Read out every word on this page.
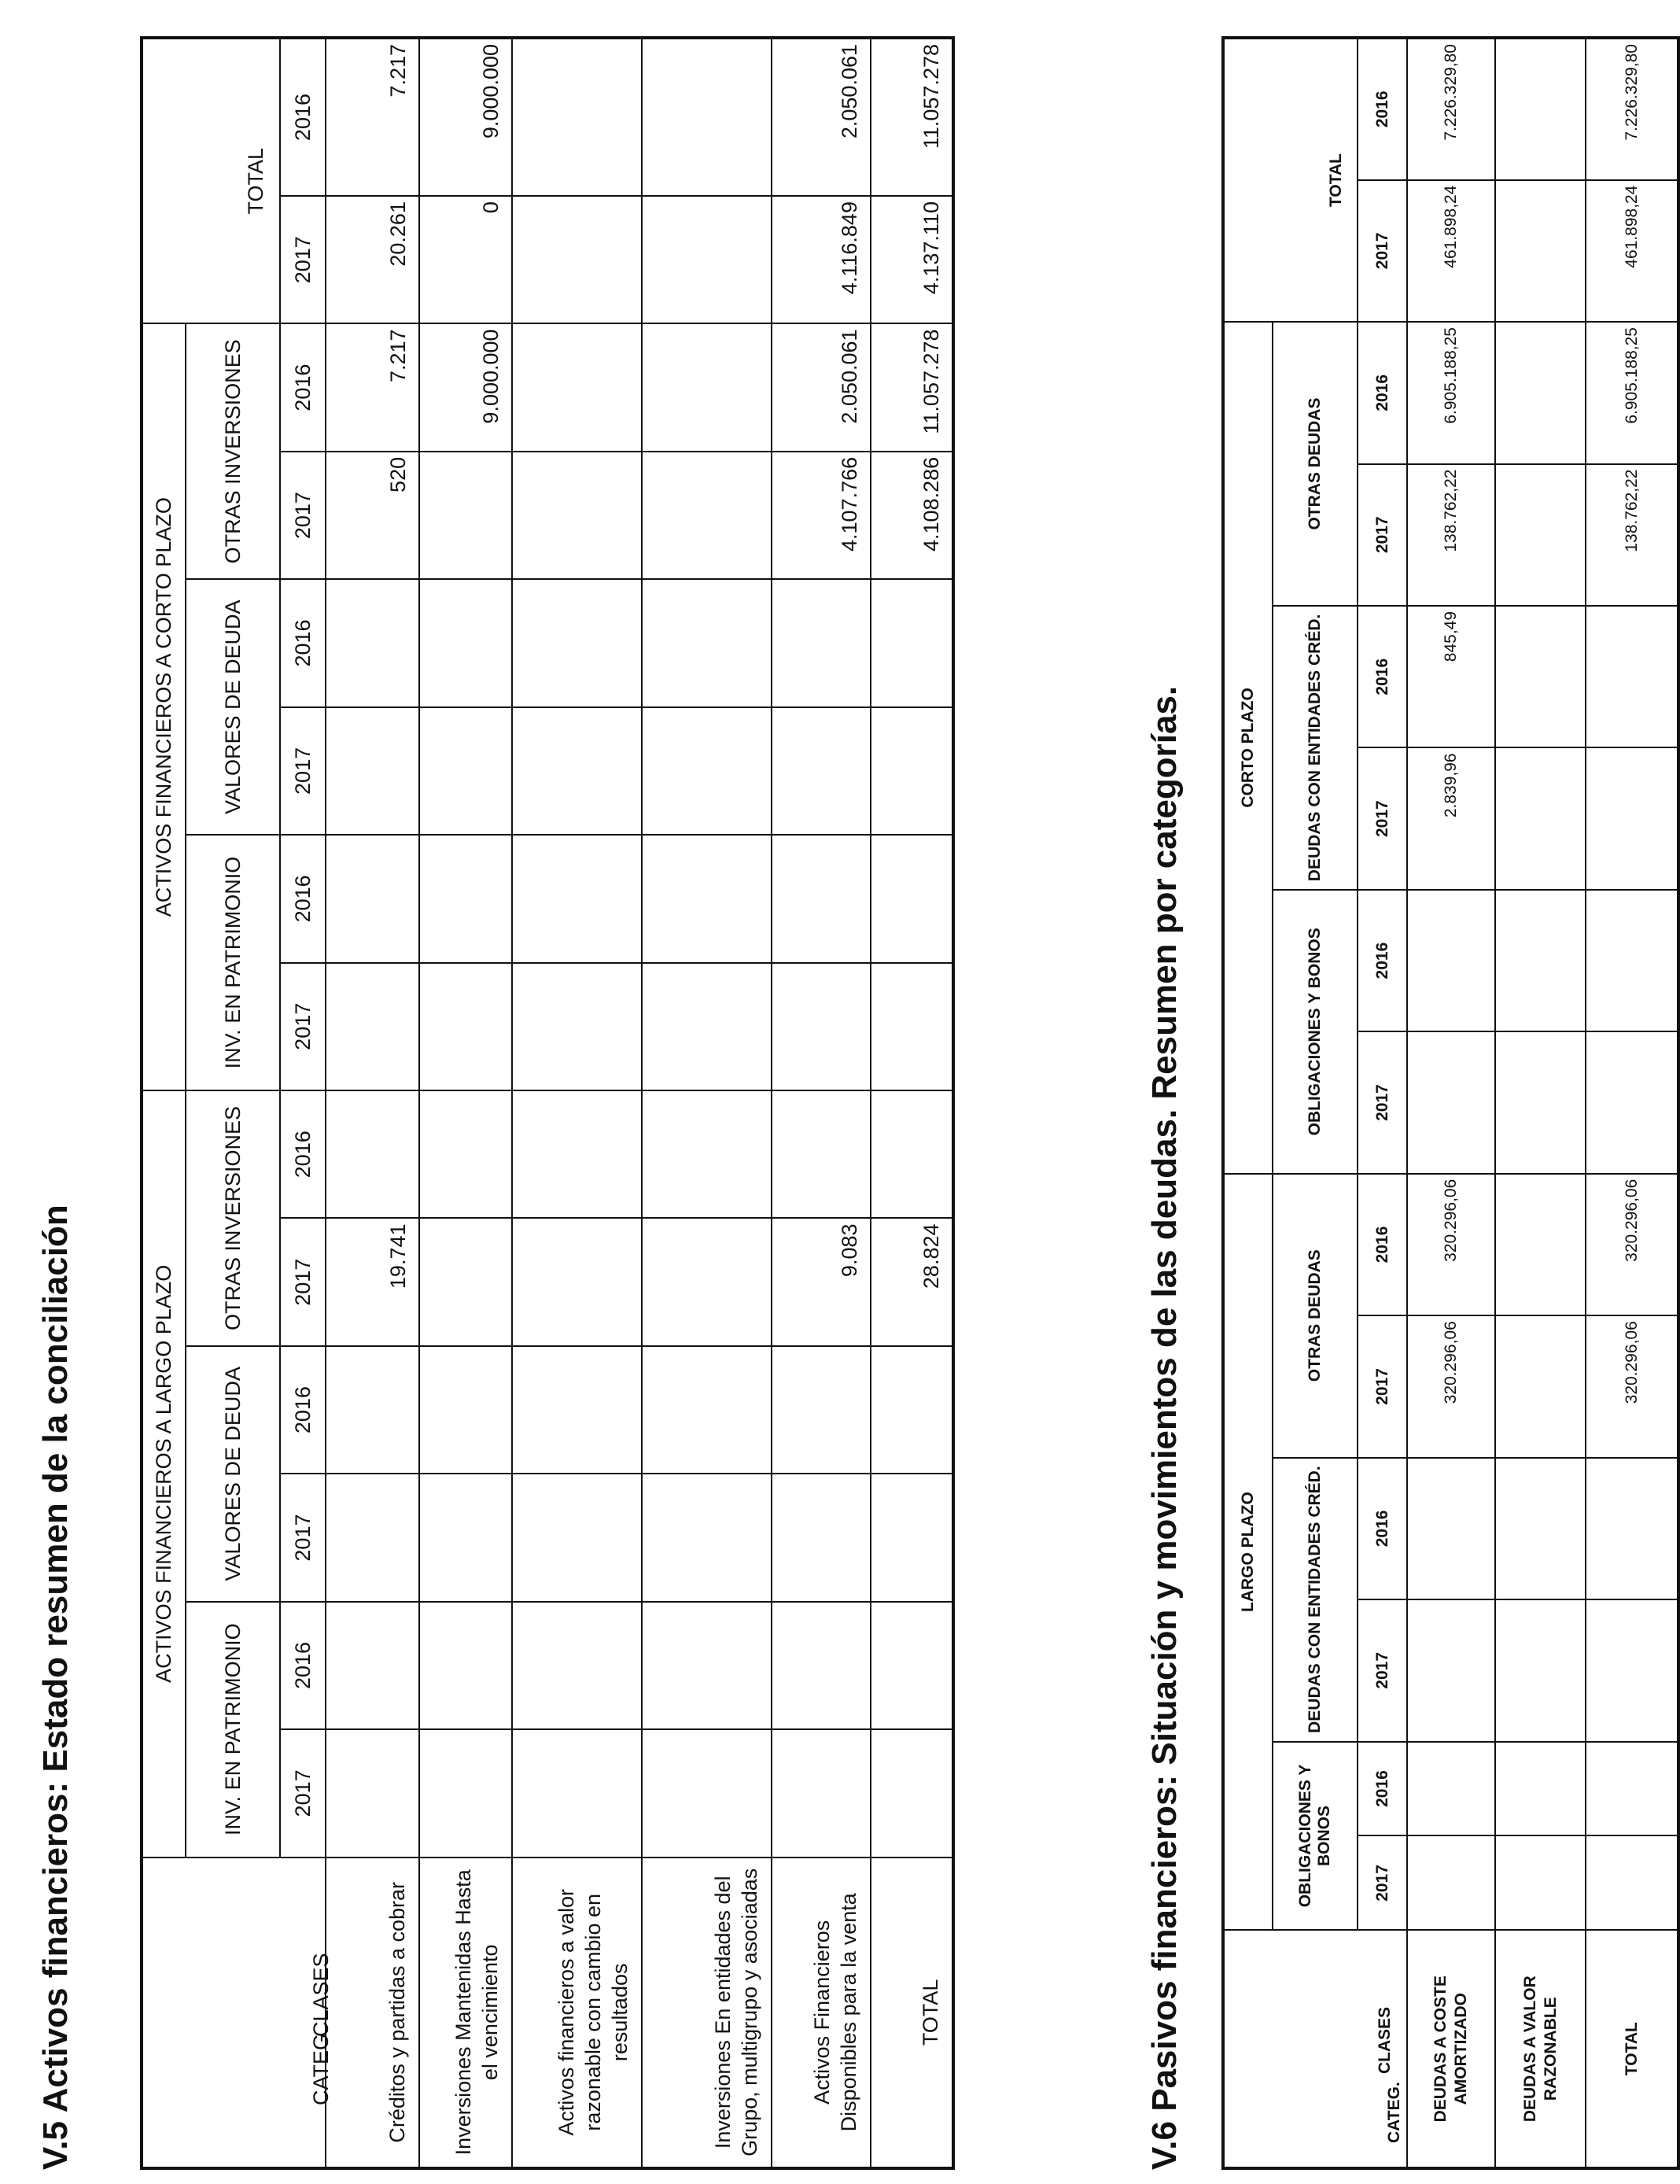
V.5 Activos financieros: Estado resumen de la conciliación	CATEG.
CLASES	ACTIVOS FINANCIEROS A LARGO PLAZO						ACTIVOS FINANCIEROS A CORTO PLAZO						TOTAL	
	INV. EN PATRIMONIO		VALORES DE DEUDA		OTRAS INVERSIONES		INV. EN PATRIMONIO		VALORES DE DEUDA		OTRAS INVERSIONES			
	2017	2016	2017	2016	2017	2016	2017	2016	2017	2016	2017	2016	2017	2016
Créditos y partidas a cobrar					19.741						520	7.217	20.261	7.217
Inversiones Mantenidas Hasta el vencimiento												9.000.000	0	9.000.000
Activos financieros a valor razonable con cambio en resultados														
Inversiones En entidades del Grupo, multigrupo y asociadas														
Activos Financieros Disponibles para la venta					9.083						4.107.766	2.050.061	4.116.849	2.050.061
TOTAL					28.824						4.108.286	11.057.278	4.137.110	11.057.278
V.6 Pasivos financieros: Situación y movimientos de las deudas. Resumen por categorías.	CATEG.
CLASES	LARGO PLAZO						CORTO PLAZO						TOTAL	
	OBLIGACIONES Y BONOS		DEUDAS CON ENTIDADES CRÉD.		OTRAS DEUDAS		OBLIGACIONES Y BONOS		DEUDAS CON ENTIDADES CRÉD.		OTRAS DEUDAS			
	2017	2016	2017	2016	2017	2016	2017	2016	2017	2016	2017	2016	2017	2016
DEUDAS A COSTE AMORTIZADO					320.296,06	320.296,06			2.839,96	845,49	138.762,22	6.905.188,25	461.898,24	7.226.329,80
DEUDAS A VALOR RAZONABLE														
TOTAL					320.296,06	320.296,06					138.762,22	6.905.188,25	461.898,24	7.226.329,80
